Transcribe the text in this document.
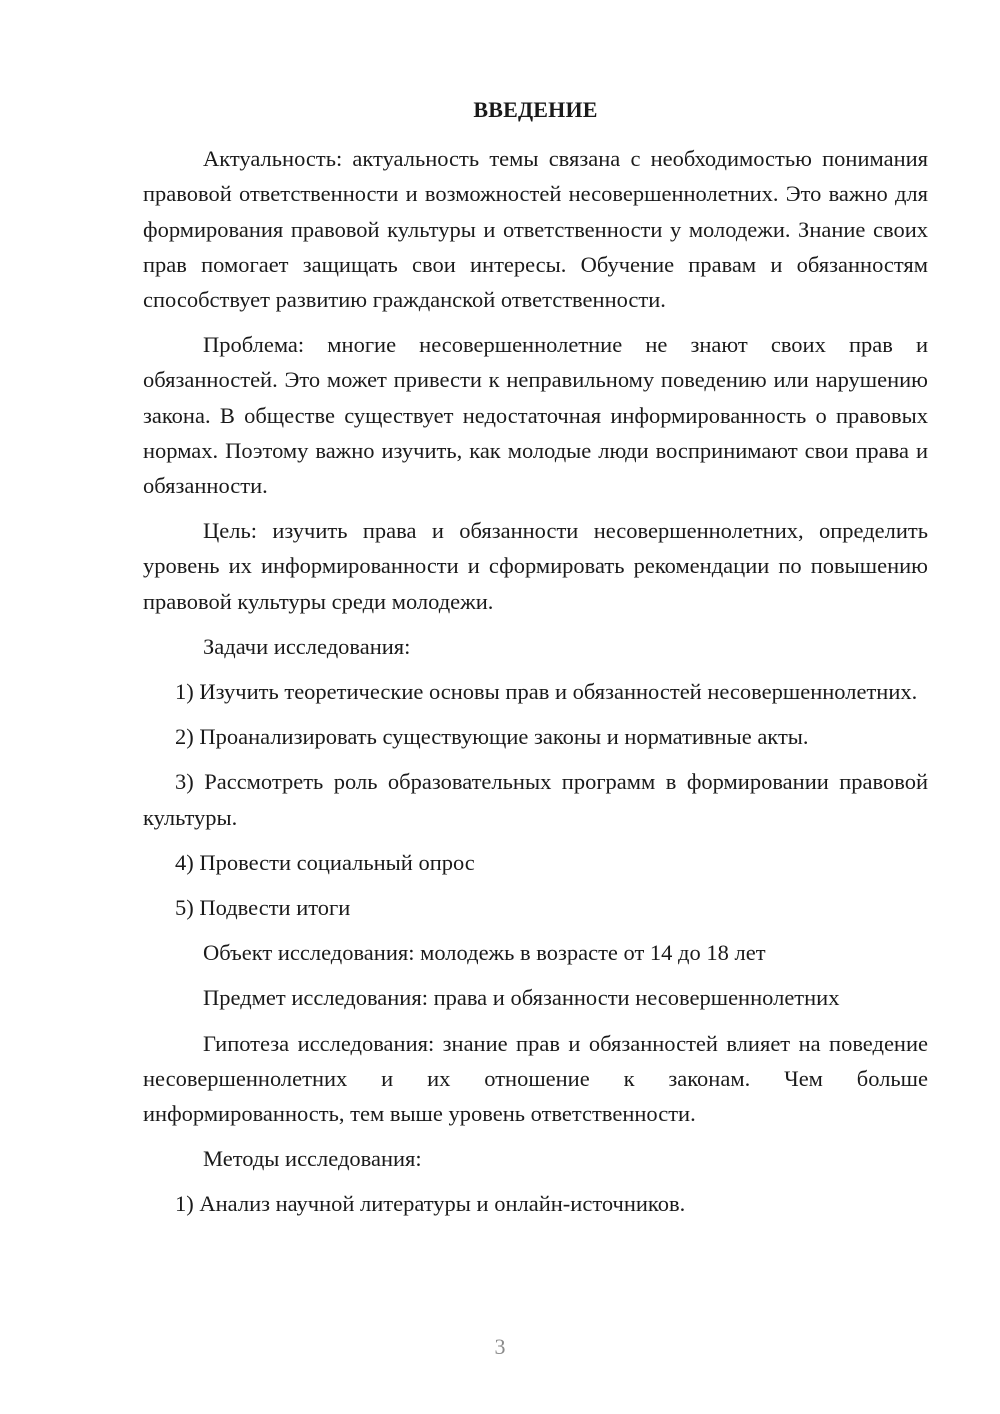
ВВЕДЕНИЕ

Актуальность: актуальность темы связана с необходимостью понимания правовой ответственности и возможностей несовершеннолетних. Это важно для формирования правовой культуры и ответственности у молодежи. Знание своих прав помогает защищать свои интересы. Обучение правам и обязанностям способствует развитию гражданской ответственности.

Проблема: многие несовершеннолетние не знают своих прав и обязанностей. Это может привести к неправильному поведению или нарушению закона. В обществе существует недостаточная информированность о правовых нормах. Поэтому важно изучить, как молодые люди воспринимают свои права и обязанности.

Цель: изучить права и обязанности несовершеннолетних, определить уровень их информированности и сформировать рекомендации по повышению правовой культуры среди молодежи.

Задачи исследования:

1) Изучить теоретические основы прав и обязанностей несовершеннолетних.

2) Проанализировать существующие законы и нормативные акты.

3) Рассмотреть роль образовательных программ в формировании правовой культуры.

4) Провести социальный опрос

5) Подвести итоги

Объект исследования: молодежь в возрасте от 14 до 18 лет

Предмет исследования: права и обязанности несовершеннолетних

Гипотеза исследования: знание прав и обязанностей влияет на поведение несовершеннолетних и их отношение к законам. Чем больше информированность, тем выше уровень ответственности.

Методы исследования:

1) Анализ научной литературы и онлайн-источников.

3
